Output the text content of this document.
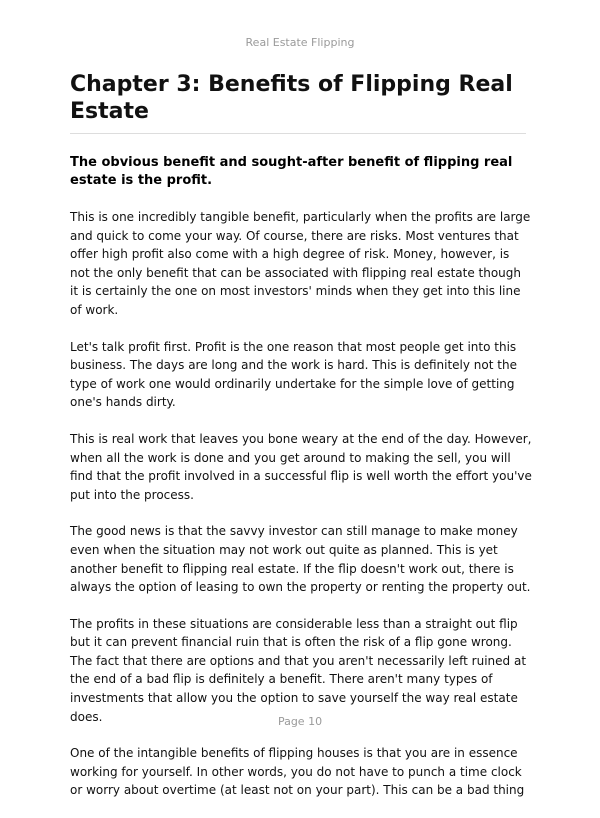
Real Estate Flipping
Chapter 3: Benefits of Flipping Real Estate

The obvious benefit and sought-after benefit of flipping real estate is the profit.

This is one incredibly tangible benefit, particularly when the profits are large and quick to come your way. Of course, there are risks. Most ventures that offer high profit also come with a high degree of risk. Money, however, is not the only benefit that can be associated with flipping real estate though it is certainly the one on most investors' minds when they get into this line of work.

Let's talk profit first. Profit is the one reason that most people get into this business. The days are long and the work is hard. This is definitely not the type of work one would ordinarily undertake for the simple love of getting one's hands dirty.

This is real work that leaves you bone weary at the end of the day. However, when all the work is done and you get around to making the sell, you will find that the profit involved in a successful flip is well worth the effort you've put into the process.

The good news is that the savvy investor can still manage to make money even when the situation may not work out quite as planned. This is yet another benefit to flipping real estate. If the flip doesn't work out, there is always the option of leasing to own the property or renting the property out.

The profits in these situations are considerable less than a straight out flip but it can prevent financial ruin that is often the risk of a flip gone wrong. The fact that there are options and that you aren't necessarily left ruined at the end of a bad flip is definitely a benefit. There aren't many types of investments that allow you the option to save yourself the way real estate does.

One of the intangible benefits of flipping houses is that you are in essence working for yourself. In other words, you do not have to punch a time clock or worry about overtime (at least not on your part). This can be a bad thing

Page 10
